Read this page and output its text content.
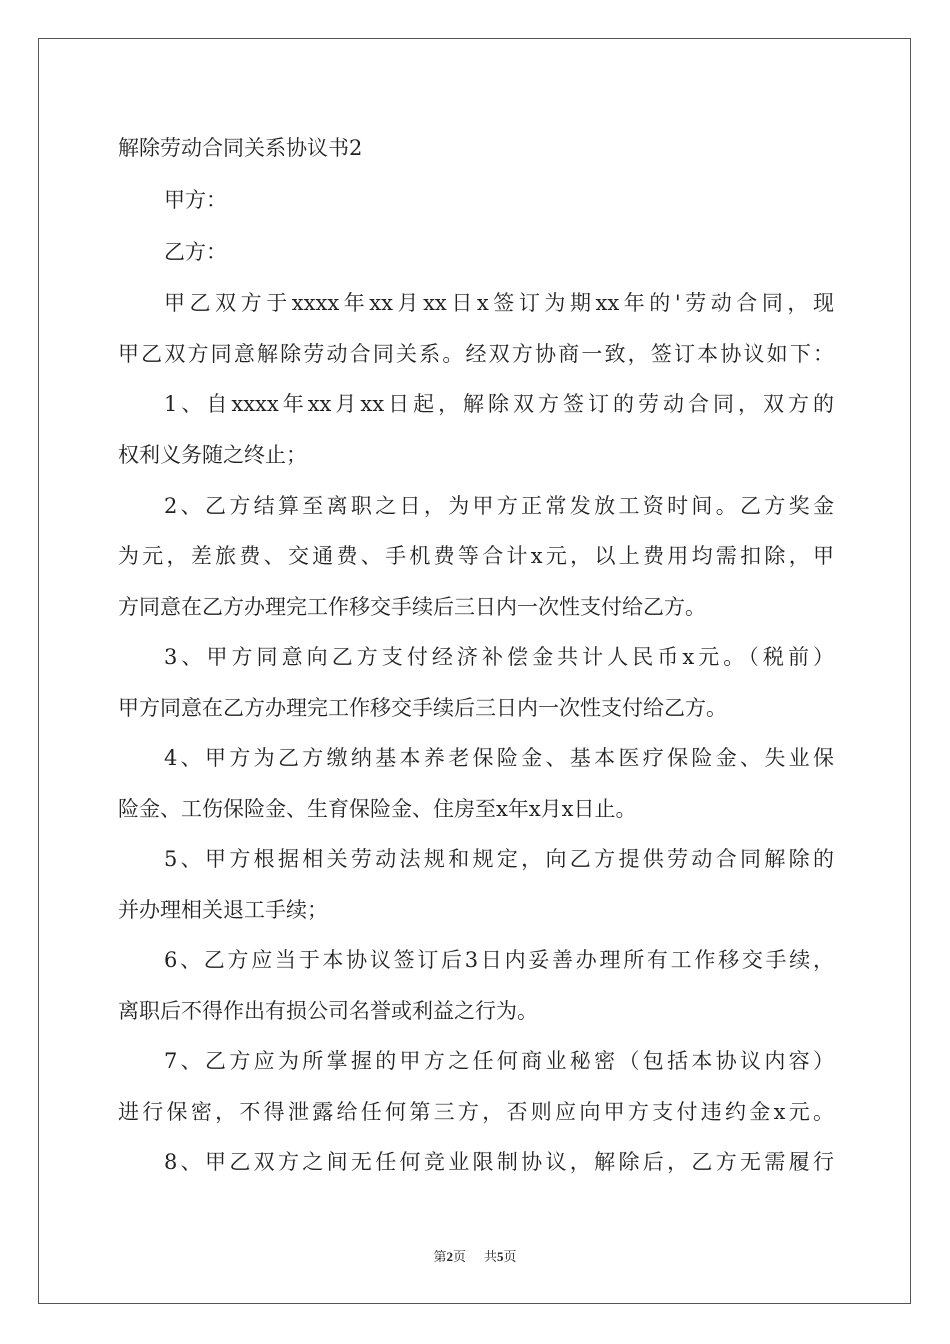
解除劳动合同关系协议书2
甲方：
乙方：
甲乙双方于xxxx年xx月xx日x签订为期xx年的'劳动合同，现
甲乙双方同意解除劳动合同关系。经双方协商一致，签订本协议如下：
1、自xxxx年xx月xx日起，解除双方签订的劳动合同，双方的
权利义务随之终止；
2、乙方结算至离职之日，为甲方正常发放工资时间。乙方奖金
为元，差旅费、交通费、手机费等合计x元，以上费用均需扣除，甲
方同意在乙方办理完工作移交手续后三日内一次性支付给乙方。
3、甲方同意向乙方支付经济补偿金共计人民币x元。（税前）
甲方同意在乙方办理完工作移交手续后三日内一次性支付给乙方。
4、甲方为乙方缴纳基本养老保险金、基本医疗保险金、失业保
险金、工伤保险金、生育保险金、住房至x年x月x日止。
5、甲方根据相关劳动法规和规定，向乙方提供劳动合同解除的
并办理相关退工手续；
6、乙方应当于本协议签订后3日内妥善办理所有工作移交手续，
离职后不得作出有损公司名誉或利益之行为。
7、乙方应为所掌握的甲方之任何商业秘密（包括本协议内容）
进行保密，不得泄露给任何第三方，否则应向甲方支付违约金x元。
8、甲乙双方之间无任何竞业限制协议，解除后，乙方无需履行
第2页 共5页
